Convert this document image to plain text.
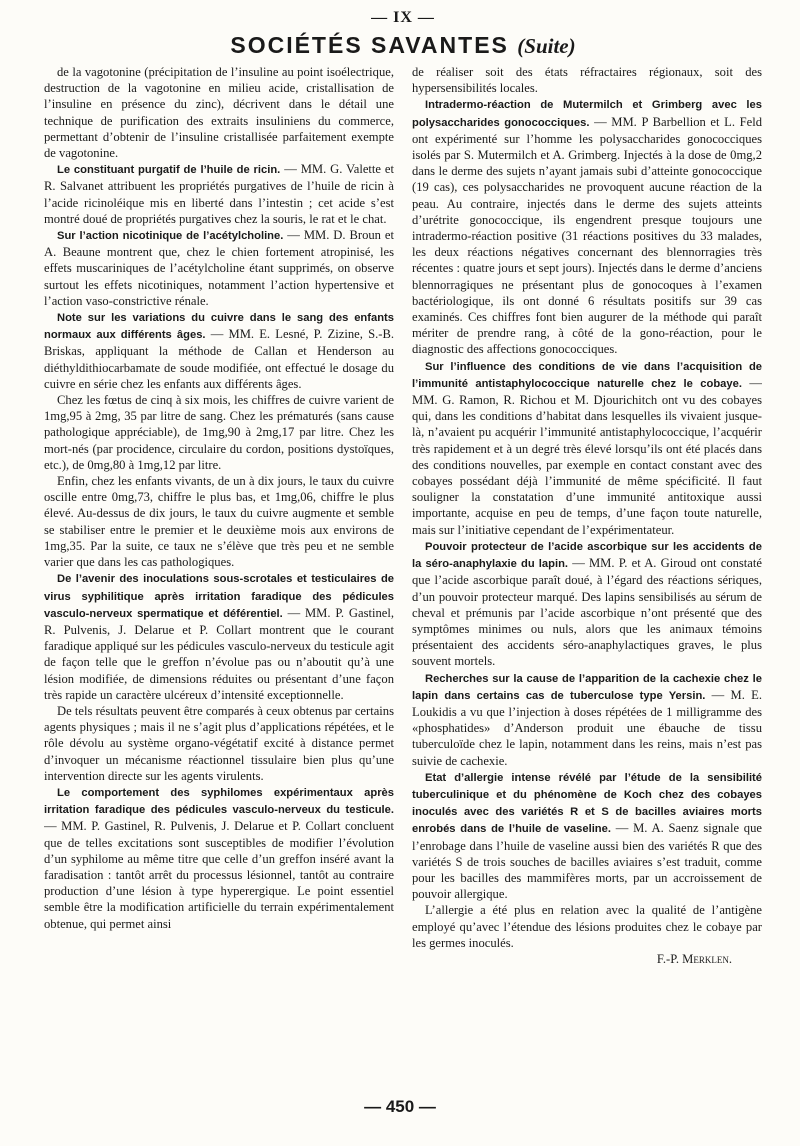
— IX —
SOCIÉTÉS SAVANTES (Suite)

de la vagotonine (précipitation de l’insuline au point isoélectrique, destruction de la vagotonine en milieu acide, cristallisation de l’insuline en présence du zinc), décrivent dans le détail une technique de purification des extraits insuliniens du commerce, permettant d’obtenir de l’insuline cristallisée parfaitement exempte de vagotonine.

Le constituant purgatif de l’huile de ricin. — MM. G. Valette et R. Salvanet attribuent les propriétés purgatives de l’huile de ricin à l’acide ricinoléique mis en liberté dans l’intestin ; cet acide s’est montré doué de propriétés purgatives chez la souris, le rat et le chat.

Sur l’action nicotinique de l’acétylcholine. — MM. D. Broun et A. Beaune montrent que, chez le chien fortement atropinisé, les effets muscariniques de l’acétylcholine étant supprimés, on observe surtout les effets nicotiniques, notamment l’action hypertensive et l’action vaso-constrictive rénale.

Note sur les variations du cuivre dans le sang des enfants normaux aux différents âges. — MM. E. Lesné, P. Zizine, S.-B. Briskas, appliquant la méthode de Callan et Henderson au diéthyldithiocarbamate de soude modifiée, ont effectué le dosage du cuivre en série chez les enfants aux différents âges.

Chez les fœtus de cinq à six mois, les chiffres de cuivre varient de 1mg,95 à 2mg, 35 par litre de sang. Chez les prématurés (sans cause pathologique appréciable), de 1mg,90 à 2mg,17 par litre. Chez les mort-nés (par procidence, circulaire du cordon, positions dystoïques, etc.), de 0mg,80 à 1mg,12 par litre.

Enfin, chez les enfants vivants, de un à dix jours, le taux du cuivre oscille entre 0mg,73, chiffre le plus bas, et 1mg,06, chiffre le plus élevé. Au-dessus de dix jours, le taux du cuivre augmente et semble se stabiliser entre le premier et le deuxième mois aux environs de 1mg,35. Par la suite, ce taux ne s’élève que très peu et ne semble varier que dans les cas pathologiques.

De l’avenir des inoculations sous-scrotales et testiculaires de virus syphilitique après irritation faradique des pédicules vasculo-nerveux spermatique et déférentiel. — MM. P. Gastinel, R. Pulvenis, J. Delarue et P. Collart montrent que le courant faradique appliqué sur les pédicules vasculo-nerveux du testicule agit de façon telle que le greffon n’évolue pas ou n’aboutit qu’à une lésion modifiée, de dimensions réduites ou présentant d’une façon très rapide un caractère ulcéreux d’intensité exceptionnelle.

De tels résultats peuvent être comparés à ceux obtenus par certains agents physiques ; mais il ne s’agit plus d’applications répétées, et le rôle dévolu au système organo-végétatif excité à distance permet d’invoquer un mécanisme réactionnel tissulaire bien plus qu’une intervention directe sur les agents virulents.

Le comportement des syphilomes expérimentaux après irritation faradique des pédicules vasculo-nerveux du testicule. — MM. P. Gastinel, R. Pulvenis, J. Delarue et P. Collart concluent que de telles excitations sont susceptibles de modifier l’évolution d’un syphilome au même titre que celle d’un greffon inséré avant la faradisation : tantôt arrêt du processus lésionnel, tantôt au contraire production d’une lésion à type hyperergique. Le point essentiel semble être la modification artificielle du terrain expérimentalement obtenue, qui permet ainsi

de réaliser soit des états réfractaires régionaux, soit des hypersensibilités locales.

Intradermo-réaction de Mutermilch et Grimberg avec les polysaccharides gonococciques. — MM. P Barbellion et L. Feld ont expérimenté sur l’homme les polysaccharides gonococciques isolés par S. Mutermilch et A. Grimberg. Injectés à la dose de 0mg,2 dans le derme des sujets n’ayant jamais subi d’atteinte gonococcique (19 cas), ces polysaccharides ne provoquent aucune réaction de la peau. Au contraire, injectés dans le derme des sujets atteints d’urétrite gonococcique, ils engendrent presque toujours une intradermo-réaction positive (31 réactions positives du 33 malades, les deux réactions négatives concernant des blennorragies très récentes : quatre jours et sept jours). Injectés dans le derme d’anciens blennorragiques ne présentant plus de gonocoques à l’examen bactériologique, ils ont donné 6 résultats positifs sur 39 cas examinés. Ces chiffres font bien augurer de la méthode qui paraît mériter de prendre rang, à côté de la gono-réaction, pour le diagnostic des affections gonococciques.

Sur l’influence des conditions de vie dans l’acquisition de l’immunité antistaphylococcique naturelle chez le cobaye. — MM. G. Ramon, R. Richou et M. Djourichitch ont vu des cobayes qui, dans les conditions d’habitat dans lesquelles ils vivaient jusque-là, n’avaient pu acquérir l’immunité antistaphylococcique, l’acquérir très rapidement et à un degré très élevé lorsqu’ils ont été placés dans des conditions nouvelles, par exemple en contact constant avec des cobayes possédant déjà l’immunité de même spécificité. Il faut souligner la constatation d’une immunité antitoxique aussi importante, acquise en peu de temps, d’une façon toute naturelle, mais sur l’initiative cependant de l’expérimentateur.

Pouvoir protecteur de l’acide ascorbique sur les accidents de la séro-anaphylaxie du lapin. — MM. P. et A. Giroud ont constaté que l’acide ascorbique paraît doué, à l’égard des réactions sériques, d’un pouvoir protecteur marqué. Des lapins sensibilisés au sérum de cheval et prémunis par l’acide ascorbique n’ont présenté que des symptômes minimes ou nuls, alors que les animaux témoins présentaient des accidents séro-anaphylactiques graves, le plus souvent mortels.

Recherches sur la cause de l’apparition de la cachexie chez le lapin dans certains cas de tuberculose type Yersin. — M. E. Loukidis a vu que l’injection à doses répétées de 1 milligramme des «phosphatides» d’Anderson produit une ébauche de tissu tuberculoïde chez le lapin, notamment dans les reins, mais n’est pas suivie de cachexie.

Etat d’allergie intense révélé par l’étude de la sensibilité tuberculinique et du phénomène de Koch chez des cobayes inoculés avec des variétés R et S de bacilles aviaires morts enrobés dans de l’huile de vaseline. — M. A. Saenz signale que l’enrobage dans l’huile de vaseline aussi bien des variétés R que des variétés S de trois souches de bacilles aviaires s’est traduit, comme pour les bacilles des mammifères morts, par un accroissement de pouvoir allergique.

L’allergie a été plus en relation avec la qualité de l’antigène employé qu’avec l’étendue des lésions produites chez le cobaye par les germes inoculés.

F.-P. Merklen.

— 450 —
